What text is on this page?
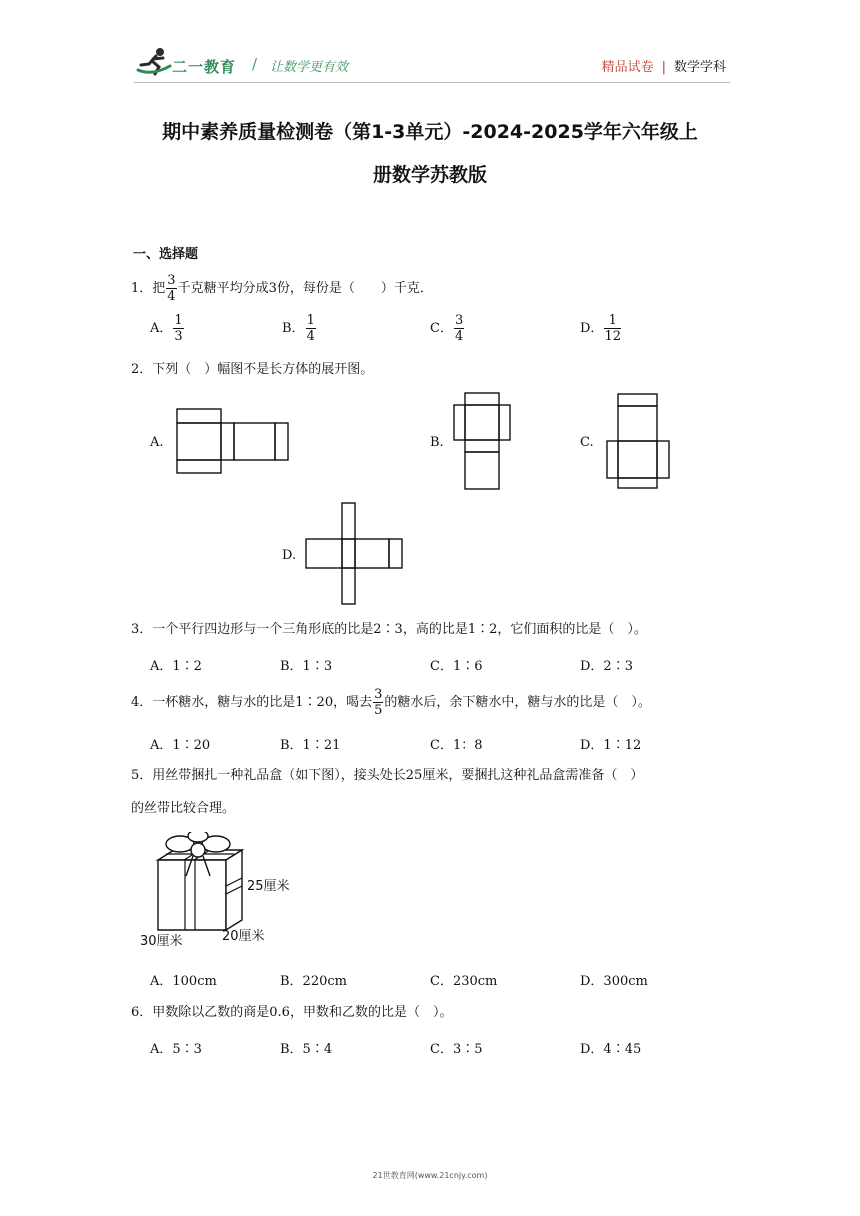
二一教育 / 让数学更有效	精品试卷 | 数学学科
期中素养质量检测卷（第1-3单元）-2024-2025学年六年级上
册数学苏教版
一、选择题
1．把 $\frac{3}{4}$ 千克糖平均分成3份，每份是（　　）千克．
A． $\frac{1}{3}$	B． $\frac{1}{4}$	C． $\frac{3}{4}$	D． $\frac{1}{12}$
2．下列（　）幅图不是长方体的展开图。
A.	B.	C.
D.
3．一个平行四边形与一个三角形底的比是2∶3，高的比是1∶2，它们面积的比是（　）。
A．1∶2	B．1∶3	C．1∶6	D．2∶3
4．一杯糖水，糖与水的比是1∶20，喝去 $\frac{3}{5}$ 的糖水后，余下糖水中，糖与水的比是（　）。
A．1∶20	B．1∶21	C．1：8	D．1∶12
5．用丝带捆扎一种礼品盒（如下图），接头处长25厘米，要捆扎这种礼品盒需准备（　）
的丝带比较合理。
25厘米
20厘米
30厘米
A．100cm	B．220cm	C．230cm	D．300cm
6．甲数除以乙数的商是0.6，甲数和乙数的比是（　）。
A．5∶3	B．5∶4	C．3∶5	D．4∶45
21世教育网(www.21cnjy.com)
